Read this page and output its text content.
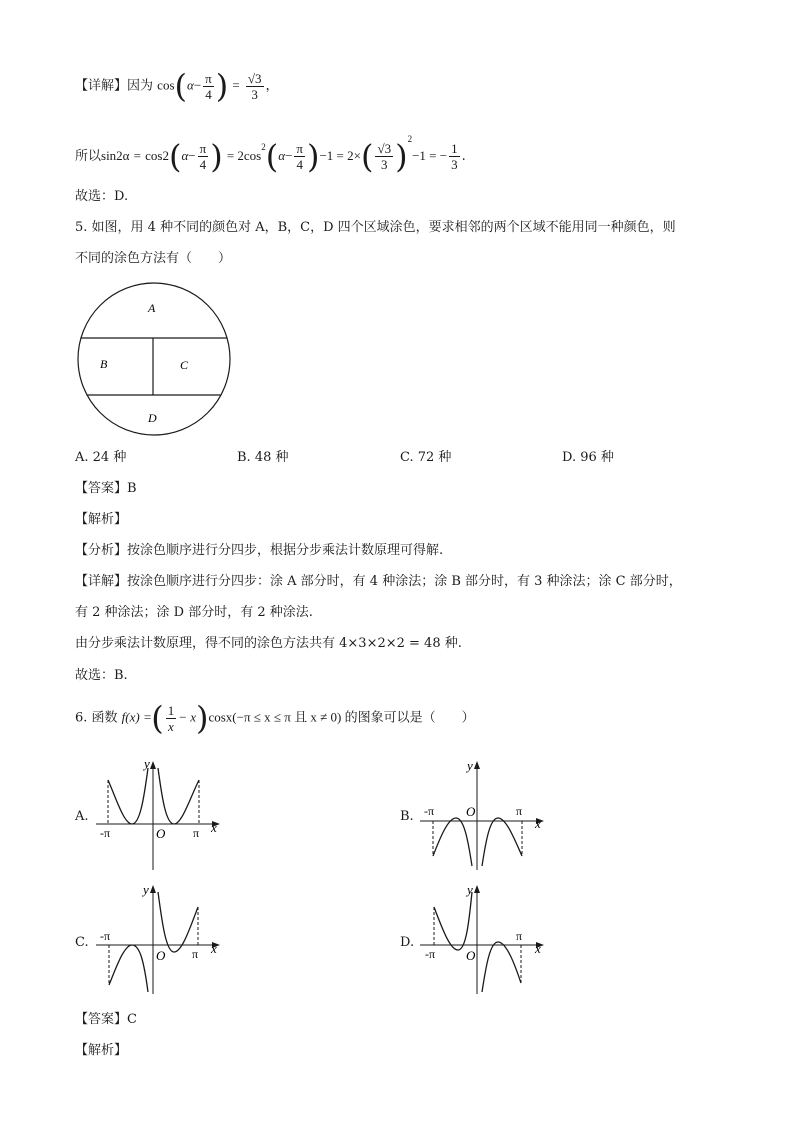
【详解】因为 $\cos(\alpha- \frac{\pi}{4}$ ) = $\frac{√3}{3}$ ，
所以$\sin 2\alpha = \cos 2(\alpha- \frac{\pi}{4}$ ) = $2\cos^2(\alpha- \frac{\pi}{4} )-1 = 2\times( \frac{√3}{3} )^2-1$ = − $\frac{1}{3}$ .
故选：D.
5. 如图，用 4 种不同的颜色对 A，B，C，D 四个区域涂色，要求相邻的两个区域不能用同一种颜色，则
不同的涂色方法有（　　）
A
B	C
D
A. 24 种	B. 48 种	C. 72 种	D. 96 种
【答案】B
【解析】
【分析】按涂色顺序进行分四步，根据分步乘法计数原理可得解.
【详解】按涂色顺序进行分四步：涂 A 部分时，有 4 种涂法；涂 B 部分时，有 3 种涂法；涂 C 部分时，
有 2 种涂法；涂 D 部分时，有 2 种涂法.
由分步乘法计数原理，得不同的涂色方法共有 4×3×2×2 = 48 种.
故选：B.
6. 函数 f(x) =( $\frac{1}{x} - x)\cos x(-\pi \le x \le \pi$ 且 x ≠ 0) 的图象可以是（　　）
A.
y
x
O
-π	π
B.
y
x
O
-π	π
C.
y
x
O
-π
π
D.
y
x
O
-π
π
【答案】C
【解析】
